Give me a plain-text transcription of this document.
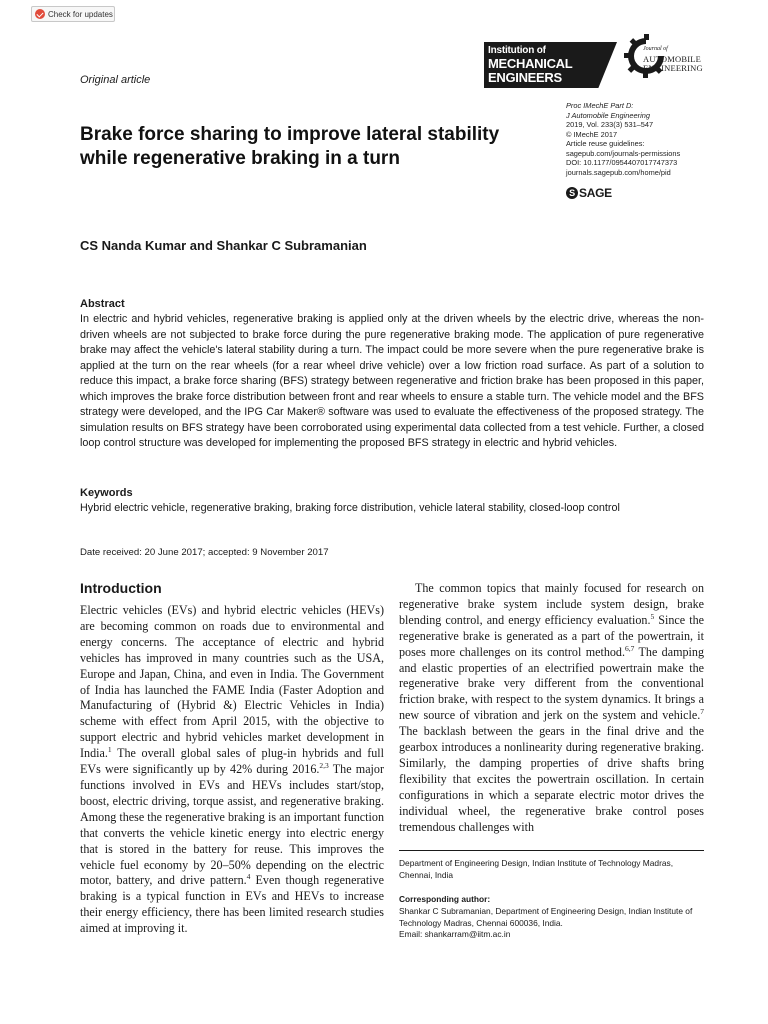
Check for updates
Original article
Institution of
MECHANICAL
ENGINEERS
Journal of
AUTOMOBILE
ENGINEERING
Proc IMechE Part D:
J Automobile Engineering
2019, Vol. 233(3) 531–547
© IMechE 2017
Article reuse guidelines:
sagepub.com/journals-permissions
DOI: 10.1177/0954407017747373
journals.sagepub.com/home/pid
S SAGE
Brake force sharing to improve lateral stability while regenerative braking in a turn
CS Nanda Kumar and Shankar C Subramanian
Abstract

In electric and hybrid vehicles, regenerative braking is applied only at the driven wheels by the electric drive, whereas the non-driven wheels are not subjected to brake force during the pure regenerative braking mode. The application of pure regenerative brake may affect the vehicle's lateral stability during a turn. The impact could be more severe when the pure regenerative brake is applied at the turn on the rear wheels (for a rear wheel drive vehicle) over a low friction road surface. As part of a solution to reduce this impact, a brake force sharing (BFS) strategy between regenerative and friction brake has been proposed in this paper, which improves the brake force distribution between front and rear wheels to ensure a stable turn. The vehicle model and the BFS strategy were developed, and the IPG Car Maker® software was used to evaluate the effectiveness of the proposed strategy. The simulation results on BFS strategy have been corroborated using experimental data collected from a test vehicle. Further, a closed loop control structure was developed for implementing the proposed BFS strategy in electric and hybrid vehicles.

Keywords

Hybrid electric vehicle, regenerative braking, braking force distribution, vehicle lateral stability, closed-loop control

Date received: 20 June 2017; accepted: 9 November 2017
Introduction

Electric vehicles (EVs) and hybrid electric vehicles (HEVs) are becoming common on roads due to environmental and energy concerns. The acceptance of electric and hybrid vehicles has improved in many countries such as the USA, Europe and Japan, China, and even in India. The Government of India has launched the FAME India (Faster Adoption and Manufacturing of (Hybrid &) Electric Vehicles in India) scheme with effect from April 2015, with the objective to support electric and hybrid vehicles market development in India.$^1$ The overall global sales of plug-in hybrids and full EVs were significantly up by 42% during 2016.$^{2,3}$ The major functions involved in EVs and HEVs includes start/stop, boost, electric driving, torque assist, and regenerative braking. Among these the regenerative braking is an important function that converts the vehicle kinetic energy into electric energy that is stored in the battery for reuse. This improves the vehicle fuel economy by 20–50% depending on the electric motor, battery, and drive pattern.$^4$ Even though regenerative braking is a typical function in EVs and HEVs to increase their energy efficiency, there has been limited research studies aimed at improving it.

The common topics that mainly focused for research on regenerative brake system include system design, brake blending control, and energy efficiency evaluation.$^5$ Since the regenerative brake is generated as a part of the powertrain, it poses more challenges on its control method.$^{6,7}$ The damping and elastic properties of an electrified powertrain make the regenerative brake very different from the conventional friction brake, with respect to the system dynamics. It brings a new source of vibration and jerk on the system and vehicle.$^7$ The backlash between the gears in the final drive and the gearbox introduces a nonlinearity during regenerative braking. Similarly, the damping properties of drive shafts bring flexibility that excites the powertrain oscillation. In certain configurations in which a separate electric motor drives the individual wheel, the regenerative brake control poses tremendous challenges with

Department of Engineering Design, Indian Institute of Technology Madras, Chennai, India
Corresponding author:
Shankar C Subramanian, Department of Engineering Design, Indian Institute of Technology Madras, Chennai 600036, India.
Email: shankarram@iitm.ac.in
